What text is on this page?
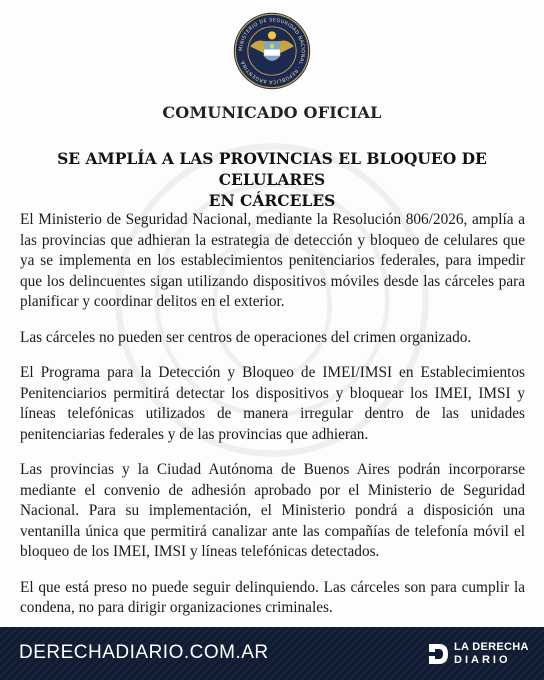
MINISTERIO DE SEGURIDAD NACIONAL · REPÚBLICA ARGENTINA
COMUNICADO OFICIAL
SE AMPLÍA A LAS PROVINCIAS EL BLOQUEO DE CELULARES
EN CÁRCELES

El Ministerio de Seguridad Nacional, mediante la Resolución 806/2026, amplía a las provincias que adhieran la estrategia de detección y bloqueo de celulares que ya se implementa en los establecimientos penitenciarios federales, para impedir que los delincuentes sigan utilizando dispositivos móviles desde las cárceles para planificar y coordinar delitos en el exterior.

Las cárceles no pueden ser centros de operaciones del crimen organizado.

El Programa para la Detección y Bloqueo de IMEI/IMSI en Establecimientos Penitenciarios permitirá detectar los dispositivos y bloquear los IMEI, IMSI y líneas telefónicas utilizados de manera irregular dentro de las unidades penitenciarias federales y de las provincias que adhieran.

Las provincias y la Ciudad Autónoma de Buenos Aires podrán incorporarse mediante el convenio de adhesión aprobado por el Ministerio de Seguridad Nacional. Para su implementación, el Ministerio pondrá a disposición una ventanilla única que permitirá canalizar ante las compañías de telefonía móvil el bloqueo de los IMEI, IMSI y líneas telefónicas detectados.

El que está preso no puede seguir delinquiendo. Las cárceles son para cumplir la condena, no para dirigir organizaciones criminales.

DERECHADIARIO.COM.AR	LA DERECHA
DIARIO
